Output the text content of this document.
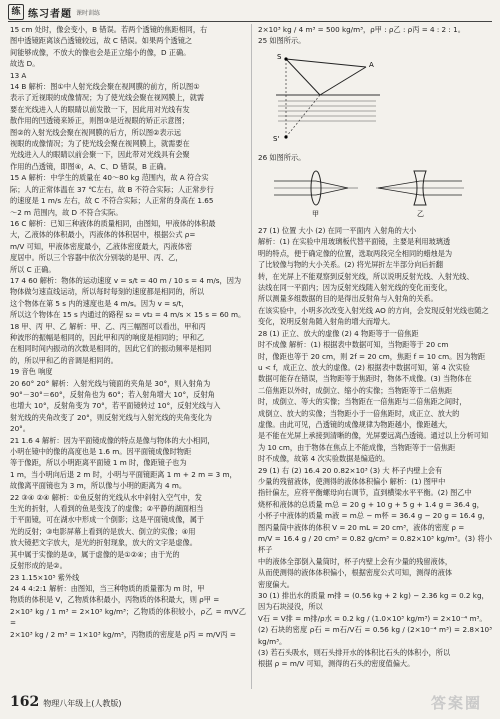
练 练习者题 课时训练

15 cm 处时，像会变小，B 错误。若两个透镜的焦距相同，右

图中透镜距离该凸透镜较远，故 C 错误。如果两个透镜之

间能够成像，不放大的像也会是正立缩小的像，D 正确。

故选 D。

13 A

14 B 解析：图①中人射光线会聚在视网膜的前方，所以图①

表示了近视眼的成像情况；为了使光线会聚在视网膜上，就需

要在光线进入人的眼睛以前发散一下，因此用对光线有发

散作用的凹透镜来矫正，则图③是近视眼的矫正示意图；

图②的入射光线会聚在视网膜的后方，所以图②表示远

视眼的成像情况；为了使光线会聚在视网膜上，就需要在

光线进入人的眼睛以前会聚一下，因此带对光线具有会聚

作用的凸透镜，即图④，A、C、D 错误，B 正确。

15 A 解析：中学生的质量在 40～80 kg 范围内，故 A 符合实

际；人的正常体温在 37 ℃左右，故 B 不符合实际；人正常步行

的速度是 1 m/s 左右，故 C 不符合实际；人正常的身高在 1.65

～2 m 范围内，故 D 不符合实际。

16 C 解析：已知三种液体的质量相同，由图知，甲液体的体积最

大，乙液体的体积最小，丙液体的体积居中，根据公式 ρ=

m/V 可知，甲液体密度最小，乙液体密度最大，丙液体密

度居中。所以三个容器中依次分别装的是甲、丙、乙，

所以 C 正确。

17 4 60 解析：物体的运动速度 v = s/t = 40 m / 10 s = 4 m/s，因为

物体做匀速直线运动，所以每时每刻的速度都是相同的，所以

这个物体在第 5 s 内的速度也是 4 m/s。因为 v = s/t，

所以这个物体在 15 s 内通过的路程 s₂ = vt₂ = 4 m/s × 15 s = 60 m。

18 甲、丙 甲、乙 解析：甲、乙、丙三幅图可以看出，甲和丙

种波形的振幅是相同的，因此甲和丙的响度是相同的；甲和乙

在相同时间内振动的次数是相同的，因此它们的振动频率是相同

的，所以甲和乙的音调是相同的。

19 音色 响度

20 60° 20° 解析：入射光线与镜面的夹角是 30°，则入射角为

90°－30°＝60°，反射角也为 60°；若入射角增大 10°，反射角

也增大 10°，反射角变为 70°，若平面镜转过 10°，反射光线与入

射光线的夹角改变了 20°，则反射光线与入射光线的夹角变化为

20°。

21 1.6 4 解析：因为平面镜成像的特点是像与物体的大小相同，

小明在镜中的像的高度也是 1.6 m。因平面镜成像时物距

等于像距，所以小明距离平面镜 1 m 时，像距镜子也为

1 m，当小明向后退 2 m 时，小明与平面镜距离 1 m + 2 m = 3 m，

故像离平面镜也为 3 m，所以像与小明的距离为 4 m。

22 ③④ ②④ 解析：①鱼反射的光线从水中斜射入空气中，发

生光的折射，人看到的鱼是变浅了的虚像；②平静的湖面相当

于平面镜，可在湖水中形成一个倒影；这是平面镜成像，属于

光的反射；③电影屏幕上看到的是放大、倒立的实像；④用

放大镜把文字放大，是光的折射现象，放大的文字是虚像。

其中属于实像的是③，属于虚像的是①②④；由于光的

反射形成的是②。

23 1.15×10⁵ 紫外线

24 4 4:2:1 解析：由图知，当三种物质的质量都为 m 时，甲

物质的体积是 V，乙物质体积最小，丙物质的体积最大，则 ρ甲 =

2×10³ kg / 1 m³ = 2×10³ kg/m³；乙物质的体积较小，ρ乙 = m/V乙 =

2×10³ kg / 2 m³ = 1×10³ kg/m³，丙物质的密度是 ρ丙 = m/V丙 =

2×10³ kg / 4 m³ = 500 kg/m³，ρ甲 : ρ乙 : ρ丙 = 4 : 2 : 1。

25 如图所示。

S
A
S'

26 如图所示。

甲	乙

27 (1) 位置 大小 (2) 在同一平面内 入射角的大小

解析：(1) 在实验中用玻璃板代替平面镜，主要是利用玻璃透

明的特点，便于确定像的位置，选取两段完全相同的蜡烛是为

了比较像与物的大小关系。(2) 将光屏折左半部分向后折翻

转，在光屏上不能观察到反射光线，所以说明反射光线、入射光线、

法线在同一平面内；因为反射光线随入射光线的变化而变化，

所以测量多组数据的目的是得出反射角与入射角的关系。

在该实验中，小明多次改变入射光线 AO 的方向，会发现反射光线也随之

变化，说明反射角随入射角的增大而增大。

28 (1) 正立、放大的虚像 (2) 4 物距等于一倍焦距

时不成像 解析：(1) 根据表中数据可知，当物距等于 20 cm

时，像距也等于 20 cm，则 2f = 20 cm，焦距 f = 10 cm。因为物距

u < f，成正立、放大的虚像。(2) 根据表中数据可知，第 4 次实验

数据可能存在错误，当物距等于焦距时，物体不成像。(3) 当物体在

二倍焦距以外时，成倒立、缩小的实像；当物距等于二倍焦距

时，成倒立、等大的实像；当物距在一倍焦距与二倍焦距之间时，

成倒立、放大的实像；当物距小于一倍焦距时，成正立、放大的

虚像。由此可见，凸透镜的成像规律为物距越小，像距越大，

是不能在光屏上承接到清晰的像，光屏要远离凸透镜。通过以上分析可知

为 10 cm，由于物体在焦点上不能成像，当物距等于一倍焦距

时不成像，故第 4 次实验数据是编造的。

29 (1) 右 (2) 16.4 20 0.82×10³ (3) 大 杯子内壁上会有

少量的残留液体，使测得的液体体积偏小 解析：(1) 图甲中

指针偏左，应将平衡螺母向右调节，直到横梁水平平衡。(2) 图乙中

烧杯和液体的总质量 m总 = 20 g + 10 g + 5 g + 1.4 g = 36.4 g，

小杯子中液体的质量 m液 = m总 − m杯 = 36.4 g − 20 g = 16.4 g，

图丙量筒中液体的体积 V = 20 mL = 20 cm³，液体的密度 ρ =

m/V = 16.4 g / 20 cm³ = 0.82 g/cm³ = 0.82×10³ kg/m³。(3) 将小杯子

中的液体全部倒入量筒时，杯子内壁上会有少量的残留液体，

从而使测得的液体体积偏小，根据密度公式可知，测得的液体

密度偏大。

30 (1) 排出水的质量 m排 = (0.56 kg + 2 kg) − 2.36 kg = 0.2 kg，

因为石块浸没，所以

V石 = V排 = m排/ρ水 = 0.2 kg / (1.0×10³ kg/m³) = 2×10⁻⁴ m³。

(2) 石块的密度 ρ石 = m石/V石 = 0.56 kg / (2×10⁻⁴ m³) = 2.8×10³ kg/m³。

(3) 若石头吸水，则石头排开水的体积比石头的体积小，所以

根据 ρ = m/V 可知，测得的石头的密度值偏大。

162 物理八年级上(人教版)	答案圈
